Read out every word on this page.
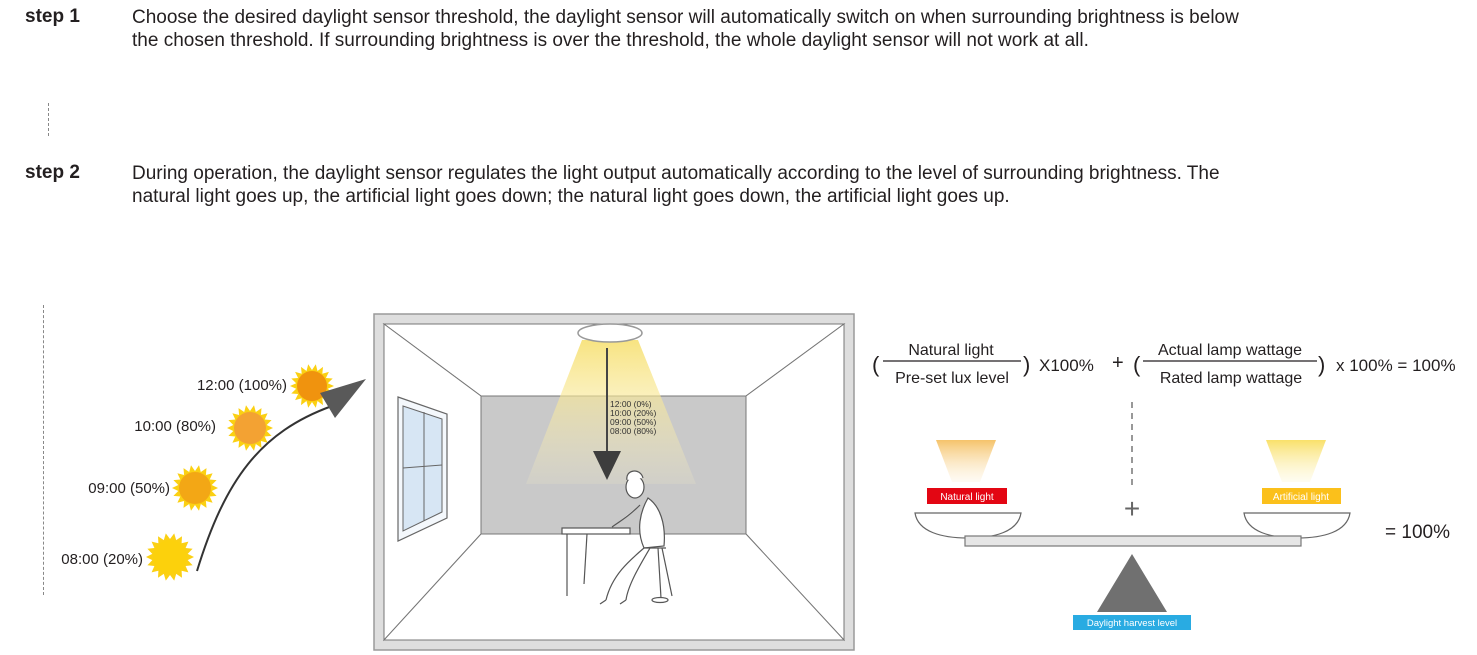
step 1	Choose the desired daylight sensor threshold, the daylight sensor will automatically switch on when surrounding brightness is below the chosen threshold. If surrounding brightness is over the threshold, the whole daylight sensor will not work at all.
step 2	During operation, the daylight sensor regulates the light output automatically according to the level of surrounding brightness. The natural light goes up, the artificial light goes down; the natural light goes down, the artificial light goes up.
12:00 (100%)
10:00 (80%)
09:00 (50%)
08:00 (20%)
12:00 (0%)
10:00 (20%)
09:00 (50%)
08:00 (80%)
(
Natural light
Pre-set lux level
) X100% + (
Actual lamp wattage
Rated lamp wattage
) x 100% = 100%
+
Natural light	Artificial light
Daylight harvest level
= 100%
